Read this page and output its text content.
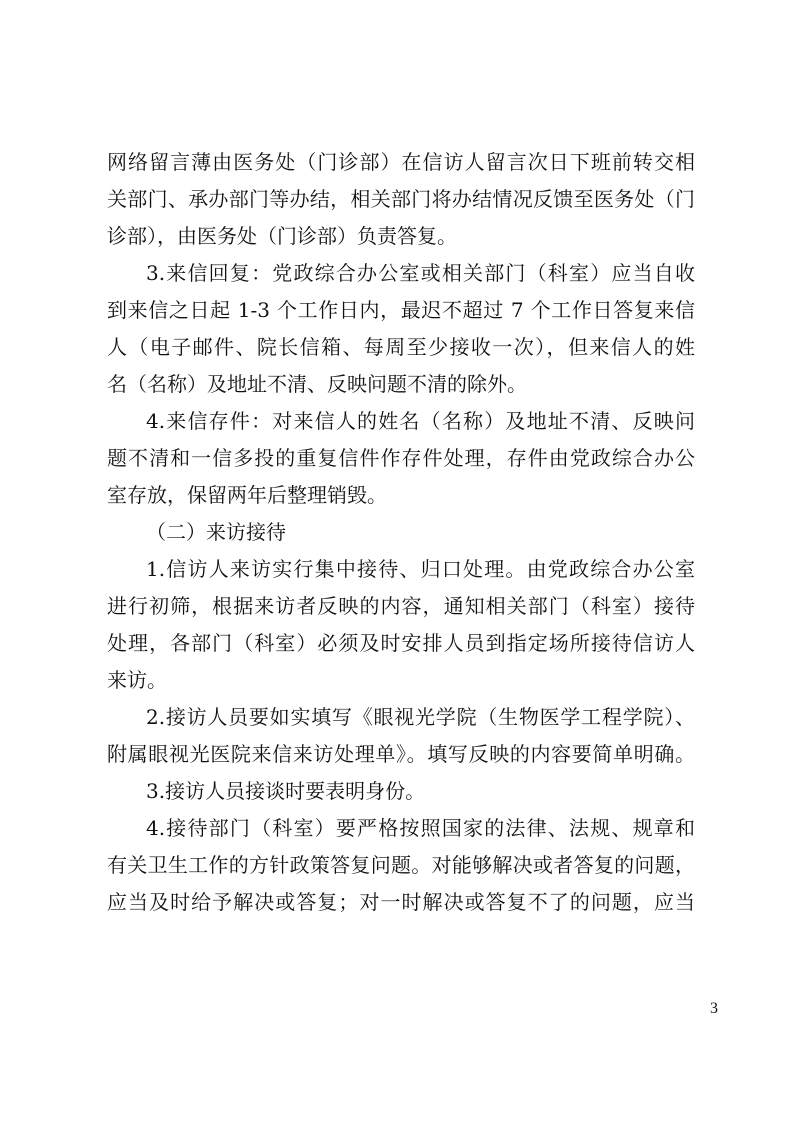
网络留言薄由医务处（门诊部）在信访人留言次日下班前转交相
关部门、承办部门等办结，相关部门将办结情况反馈至医务处（门
诊部），由医务处（门诊部）负责答复。
3.来信回复：党政综合办公室或相关部门（科室）应当自收
到来信之日起 1-3 个工作日内，最迟不超过 7 个工作日答复来信
人（电子邮件、院长信箱、每周至少接收一次），但来信人的姓
名（名称）及地址不清、反映问题不清的除外。
4.来信存件：对来信人的姓名（名称）及地址不清、反映问
题不清和一信多投的重复信件作存件处理，存件由党政综合办公
室存放，保留两年后整理销毁。
（二）来访接待
1.信访人来访实行集中接待、归口处理。由党政综合办公室
进行初筛，根据来访者反映的内容，通知相关部门（科室）接待
处理，各部门（科室）必须及时安排人员到指定场所接待信访人
来访。
2.接访人员要如实填写《眼视光学院（生物医学工程学院）、
附属眼视光医院来信来访处理单》。填写反映的内容要简单明确。
3.接访人员接谈时要表明身份。
4.接待部门（科室）要严格按照国家的法律、法规、规章和
有关卫生工作的方针政策答复问题。对能够解决或者答复的问题，
应当及时给予解决或答复；对一时解决或答复不了的问题，应当
3
